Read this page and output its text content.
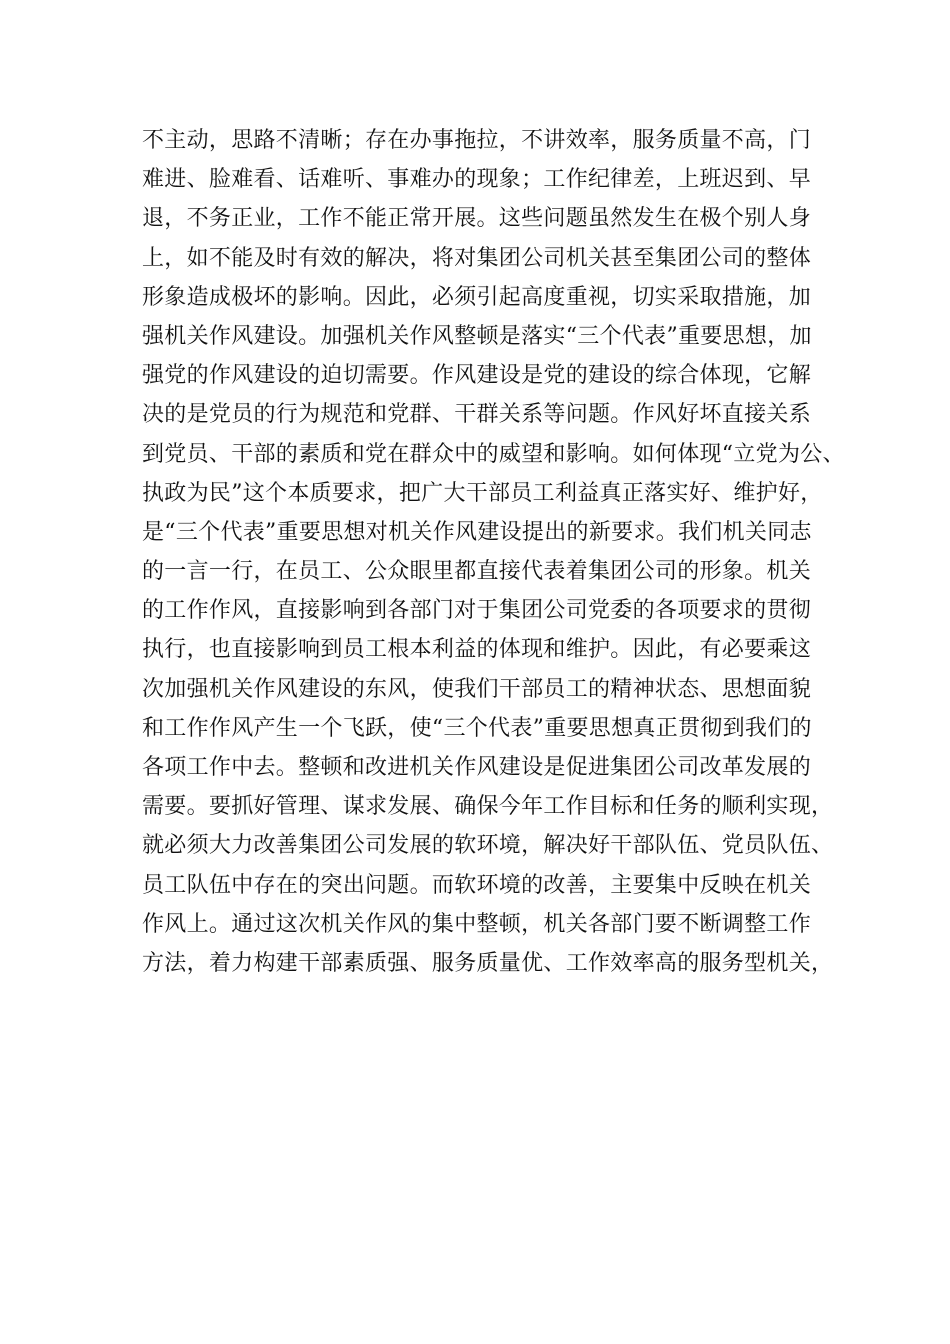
不主动，思路不清晰；存在办事拖拉，不讲效率，服务质量不高，门
难进、脸难看、话难听、事难办的现象；工作纪律差，上班迟到、早
退，不务正业，工作不能正常开展。这些问题虽然发生在极个别人身
上，如不能及时有效的解决，将对集团公司机关甚至集团公司的整体
形象造成极坏的影响。因此，必须引起高度重视，切实采取措施，加
强机关作风建设。加强机关作风整顿是落实“三个代表”重要思想，加
强党的作风建设的迫切需要。作风建设是党的建设的综合体现，它解
决的是党员的行为规范和党群、干群关系等问题。作风好坏直接关系
到党员、干部的素质和党在群众中的威望和影响。如何体现“立党为公、
执政为民”这个本质要求，把广大干部员工利益真正落实好、维护好，
是“三个代表”重要思想对机关作风建设提出的新要求。我们机关同志
的一言一行，在员工、公众眼里都直接代表着集团公司的形象。机关
的工作作风，直接影响到各部门对于集团公司党委的各项要求的贯彻
执行，也直接影响到员工根本利益的体现和维护。因此，有必要乘这
次加强机关作风建设的东风，使我们干部员工的精神状态、思想面貌
和工作作风产生一个飞跃，使“三个代表”重要思想真正贯彻到我们的
各项工作中去。整顿和改进机关作风建设是促进集团公司改革发展的
需要。要抓好管理、谋求发展、确保今年工作目标和任务的顺利实现，
就必须大力改善集团公司发展的软环境，解决好干部队伍、党员队伍、
员工队伍中存在的突出问题。而软环境的改善，主要集中反映在机关
作风上。通过这次机关作风的集中整顿，机关各部门要不断调整工作
方法，着力构建干部素质强、服务质量优、工作效率高的服务型机关，
